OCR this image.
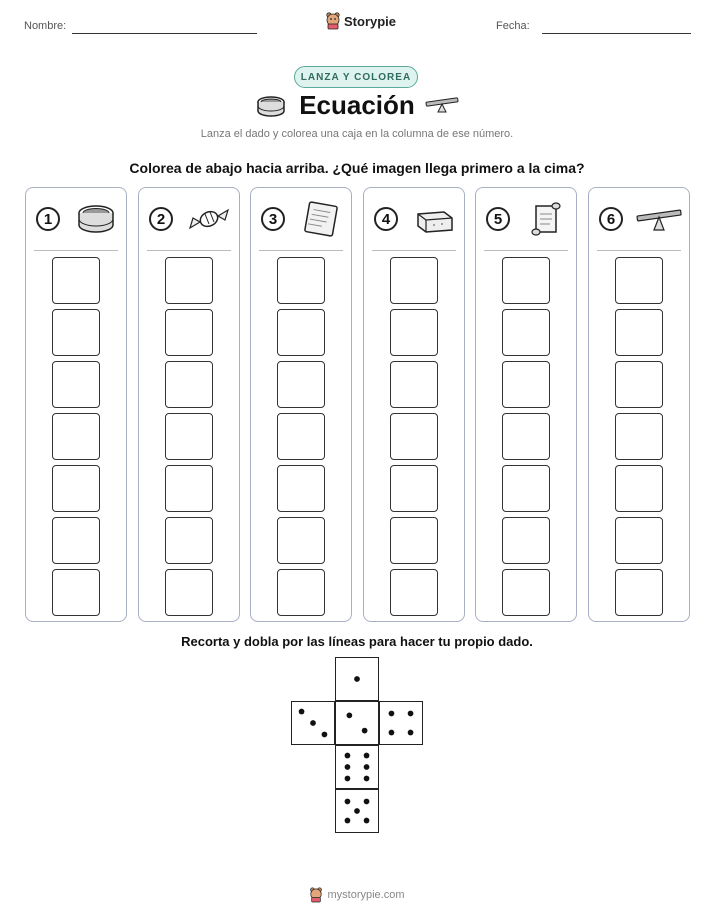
Nombre:	Storypie	Fecha:
LANZA Y COLOREA
Ecuación
Lanza el dado y colorea una caja en la columna de ese número.
Colorea de abajo hacia arriba. ¿Qué imagen llega primero a la cima?
1	2	3	4	5	6
Recorta y dobla por las líneas para hacer tu propio dado.
mystorypie.com
